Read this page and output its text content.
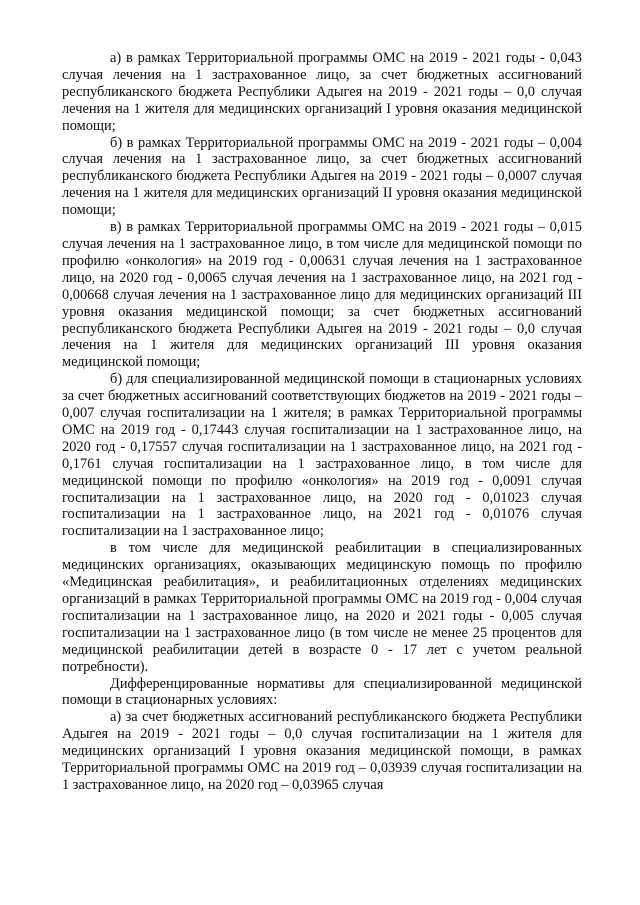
а) в рамках Территориальной программы ОМС на 2019 - 2021 годы - 0,043 случая лечения на 1 застрахованное лицо, за счет бюджетных ассигнований республиканского бюджета Республики Адыгея на 2019 - 2021 годы – 0,0 случая лечения на 1 жителя для медицинских организаций I уровня оказания медицинской помощи;

б) в рамках Территориальной программы ОМС на 2019 - 2021 годы – 0,004 случая лечения на 1 застрахованное лицо, за счет бюджетных ассигнований республиканского бюджета Республики Адыгея на 2019 - 2021 годы – 0,0007 случая лечения на 1 жителя для медицинских организаций II уровня оказания медицинской помощи;

в) в рамках Территориальной программы ОМС на 2019 - 2021 годы – 0,015 случая лечения на 1 застрахованное лицо, в том числе для медицинской помощи по профилю «онкология» на 2019 год - 0,00631 случая лечения на 1 застрахованное лицо, на 2020 год - 0,0065 случая лечения на 1 застрахованное лицо, на 2021 год - 0,00668 случая лечения на 1 застрахованное лицо для медицинских организаций III уровня оказания медицинской помощи; за счет бюджетных ассигнований республиканского бюджета Республики Адыгея на 2019 - 2021 годы – 0,0 случая лечения на 1 жителя для медицинских организаций III уровня оказания медицинской помощи;

б) для специализированной медицинской помощи в стационарных условиях за счет бюджетных ассигнований соответствующих бюджетов на 2019 - 2021 годы – 0,007 случая госпитализации на 1 жителя; в рамках Территориальной программы ОМС на 2019 год - 0,17443 случая госпитализации на 1 застрахованное лицо, на 2020 год - 0,17557 случая госпитализации на 1 застрахованное лицо, на 2021 год - 0,1761 случая госпитализации на 1 застрахованное лицо, в том числе для медицинской помощи по профилю «онкология» на 2019 год - 0,0091 случая госпитализации на 1 застрахованное лицо, на 2020 год - 0,01023 случая госпитализации на 1 застрахованное лицо, на 2021 год - 0,01076 случая госпитализации на 1 застрахованное лицо;

в том числе для медицинской реабилитации в специализированных медицинских организациях, оказывающих медицинскую помощь по профилю «Медицинская реабилитация», и реабилитационных отделениях медицинских организаций в рамках Территориальной программы ОМС на 2019 год - 0,004 случая госпитализации на 1 застрахованное лицо, на 2020 и 2021 годы - 0,005 случая госпитализации на 1 застрахованное лицо (в том числе не менее 25 процентов для медицинской реабилитации детей в возрасте 0 - 17 лет с учетом реальной потребности).

Дифференцированные нормативы для специализированной медицинской помощи в стационарных условиях:

а) за счет бюджетных ассигнований республиканского бюджета Республики Адыгея на 2019 - 2021 годы – 0,0 случая госпитализации на 1 жителя для медицинских организаций I уровня оказания медицинской помощи, в рамках Территориальной программы ОМС на 2019 год – 0,03939 случая госпитализации на 1 застрахованное лицо, на 2020 год – 0,03965 случая
